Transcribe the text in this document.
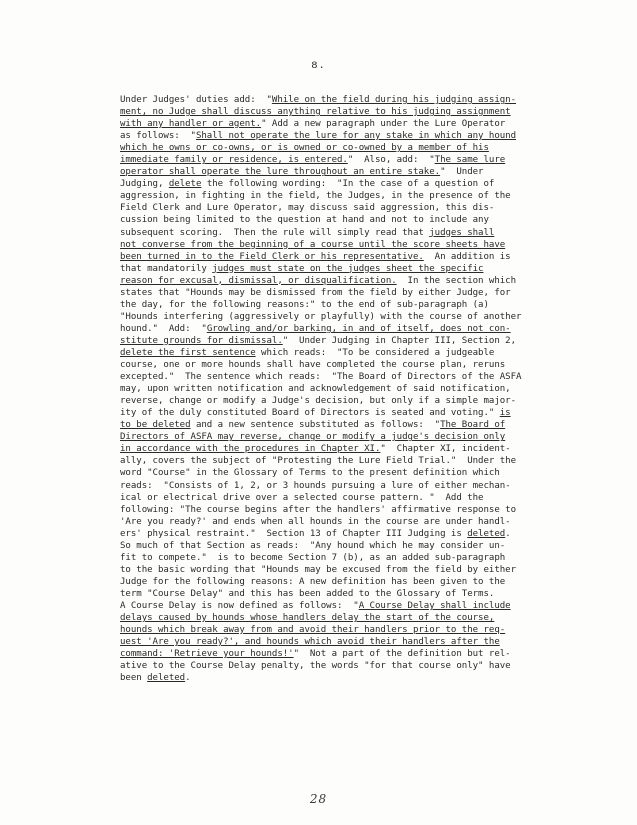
8.
Under Judges' duties add:  "While on the field during his judging assign-
ment, no Judge shall discuss anything relative to his judging assignment
with any handler or agent." Add a new paragraph under the Lure Operator
as follows:  "Shall not operate the lure for any stake in which any hound
which he owns or co-owns, or is owned or co-owned by a member of his
immediate family or residence, is entered."  Also, add:  "The same lure
operator shall operate the lure throughout an entire stake."  Under
Judging, delete the following wording:  "In the case of a question of
aggression, in fighting in the field, the Judges, in the presence of the
Field Clerk and Lure Operator, may discuss said aggression, this dis-
cussion being limited to the question at hand and not to include any
subsequent scoring.  Then the rule will simply read that judges shall
not converse from the beginning of a course until the score sheets have
been turned in to the Field Clerk or his representative.  An addition is
that mandatorily judges must state on the judges sheet the specific
reason for excusal, dismissal, or disqualification.  In the section which
states that "Hounds may be dismissed from the field by either Judge, for
the day, for the following reasons:" to the end of sub-paragraph (a)
"Hounds interfering (aggressively or playfully) with the course of another
hound."  Add:  "Growling and/or barking, in and of itself, does not con-
stitute grounds for dismissal."  Under Judging in Chapter III, Section 2,
delete the first sentence which reads:  "To be considered a judgeable
course, one or more hounds shall have completed the course plan, reruns
excepted."  The sentence which reads:  "The Board of Directors of the ASFA
may, upon written notification and acknowledgement of said notification,
reverse, change or modify a Judge's decision, but only if a simple major-
ity of the duly constituted Board of Directors is seated and voting." is
to be deleted and a new sentence substituted as follows:  "The Board of
Directors of ASFA may reverse, change or modify a judge's decision only
in accordance with the procedures in Chapter XI."  Chapter XI, incident-
ally, covers the subject of "Protesting the Lure Field Trial."  Under the
word "Course" in the Glossary of Terms to the present definition which
reads:  "Consists of 1, 2, or 3 hounds pursuing a lure of either mechan-
ical or electrical drive over a selected course pattern. "  Add the
following: "The course begins after the handlers' affirmative response to
'Are you ready?' and ends when all hounds in the course are under handl-
ers' physical restraint."  Section 13 of Chapter III Judging is deleted.
So much of that Section as reads:  "Any hound which he may consider un-
fit to compete."  is to become Section 7 (b), as an added sub-paragraph
to the basic wording that "Hounds may be excused from the field by either
Judge for the following reasons: A new definition has been given to the
term "Course Delay" and this has been added to the Glossary of Terms.
A Course Delay is now defined as follows:  "A Course Delay shall include
delays caused by hounds whose handlers delay the start of the course,
hounds which break away from and avoid their handlers prior to the req-
uest 'Are you ready?', and hounds which avoid their handlers after the
command: 'Retrieve your hounds!'"  Not a part of the definition but rel-
ative to the Course Delay penalty, the words "for that course only" have
been deleted.
28
